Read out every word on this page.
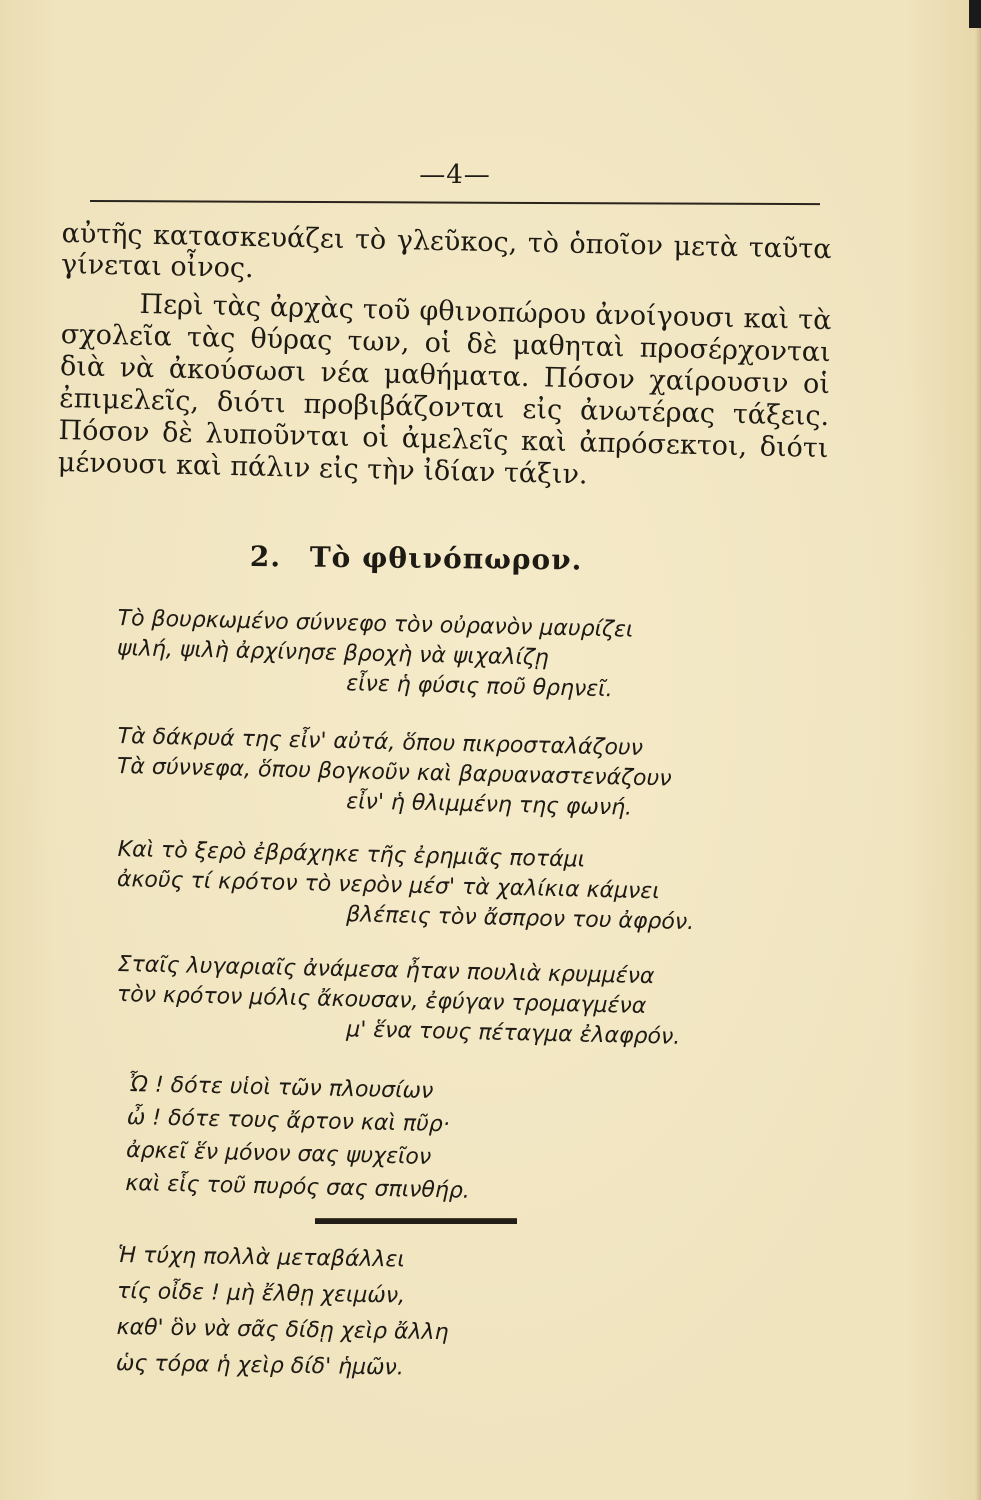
—4—

αὐτῆς κατασκευάζει τὸ γλεῦκος, τὸ ὁποῖον μετὰ ταῦτα γίνεται οἶνος.

Περὶ τὰς ἀρχὰς τοῦ φθινοπώρου ἀνοίγουσι καὶ τὰ σχολεῖα τὰς θύρας των, οἱ δὲ μαθηταὶ προσέρχονται διὰ νὰ ἀκούσωσι νέα μαθήματα. Πόσον χαίρουσιν οἱ ἐπιμελεῖς, διότι προβιβάζονται εἰς ἀνωτέρας τάξεις. Πόσον δὲ λυποῦνται οἱ ἀμελεῖς καὶ ἀπρόσεκτοι, διότι μένουσι καὶ πάλιν εἰς τὴν ἰδίαν τάξιν.

2. Τὸ φθινόπωρον.
Τὸ βουρκωμένο σύννεφο τὸν οὐρανὸν μαυρίζει
ψιλή, ψιλὴ ἀρχίνησε βροχὴ νὰ ψιχαλίζῃ
εἶνε ἡ φύσις ποῦ θρηνεῖ.
Τὰ δάκρυά της εἶν' αὐτά, ὅπου πικροσταλάζουν
Τὰ σύννεφα, ὅπου βογκοῦν καὶ βαρυαναστενάζουν
εἶν' ἡ θλιμμένη της φωνή.
Καὶ τὸ ξερὸ ἐβράχηκε τῆς ἐρημιᾶς ποτάμι
ἀκοῦς τί κρότον τὸ νερὸν μέσ' τὰ χαλίκια κάμνει
βλέπεις τὸν ἄσπρον του ἀφρόν.
Σταῖς λυγαριαῖς ἀνάμεσα ἦταν πουλιὰ κρυμμένα
τὸν κρότον μόλις ἄκουσαν, ἐφύγαν τρομαγμένα
μ' ἕνα τους πέταγμα ἐλαφρόν.
Ὦ ! δότε υἱοὶ τῶν πλουσίων
ὦ ! δότε τους ἄρτον καὶ πῦρ·
ἀρκεῖ ἕν μόνον σας ψυχεῖον
καὶ εἷς τοῦ πυρός σας σπινθήρ.
Ἡ τύχη πολλὰ μεταβάλλει
τίς οἶδε ! μὴ ἔλθῃ χειμών,
καθ' ὃν νὰ σᾶς δίδῃ χεὶρ ἄλλη
ὡς τόρα ἡ χεὶρ δίδ' ἡμῶν.
